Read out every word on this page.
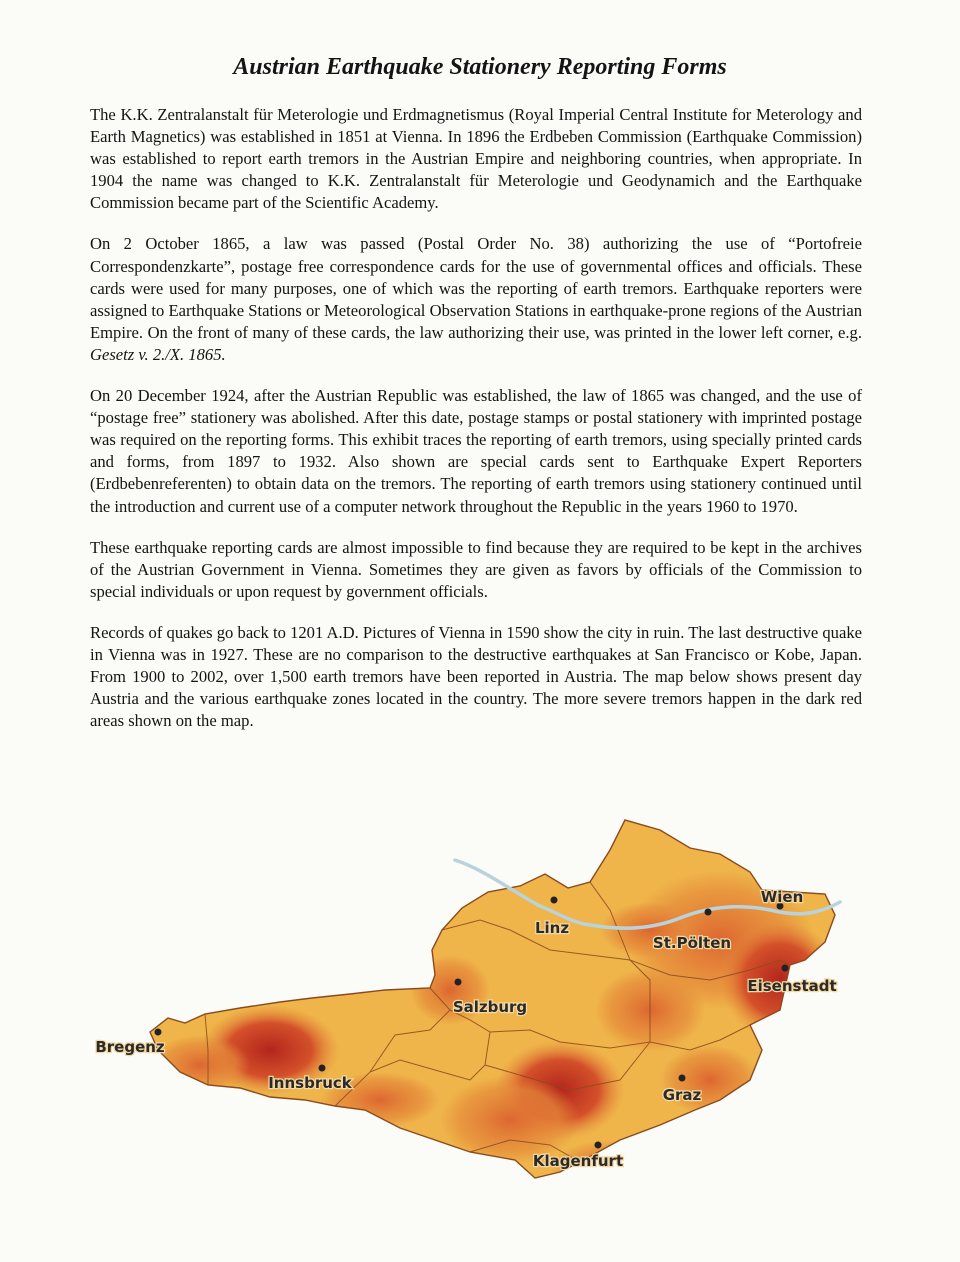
Austrian Earthquake Stationery Reporting Forms

The K.K. Zentralanstalt für Meterologie und Erdmagnetismus (Royal Imperial Central Institute for Meterology and Earth Magnetics) was established in 1851 at Vienna. In 1896 the Erdbeben Commission (Earthquake Commission) was established to report earth tremors in the Austrian Empire and neighboring countries, when appropriate. In 1904 the name was changed to K.K. Zentralanstalt für Meterologie und Geodynamich and the Earthquake Commission became part of the Scientific Academy.

On 2 October 1865, a law was passed (Postal Order No. 38) authorizing the use of “Portofreie Correspondenzkarte”, postage free correspondence cards for the use of governmental offices and officials. These cards were used for many purposes, one of which was the reporting of earth tremors. Earthquake reporters were assigned to Earthquake Stations or Meteorological Observation Stations in earthquake-prone regions of the Austrian Empire. On the front of many of these cards, the law authorizing their use, was printed in the lower left corner, e.g. Gesetz v. 2./X. 1865.

On 20 December 1924, after the Austrian Republic was established, the law of 1865 was changed, and the use of “postage free” stationery was abolished. After this date, postage stamps or postal stationery with imprinted postage was required on the reporting forms. This exhibit traces the reporting of earth tremors, using specially printed cards and forms, from 1897 to 1932. Also shown are special cards sent to Earthquake Expert Reporters (Erdbebenreferenten) to obtain data on the tremors. The reporting of earth tremors using stationery continued until the introduction and current use of a computer network throughout the Republic in the years 1960 to 1970.

These earthquake reporting cards are almost impossible to find because they are required to be kept in the archives of the Austrian Government in Vienna. Sometimes they are given as favors by officials of the Commission to special individuals or upon request by government officials.

Records of quakes go back to 1201 A.D. Pictures of Vienna in 1590 show the city in ruin. The last destructive quake in Vienna was in 1927. These are no comparison to the destructive earthquakes at San Francisco or Kobe, Japan. From 1900 to 2002, over 1,500 earth tremors have been reported in Austria. The map below shows present day Austria and the various earthquake zones located in the country. The more severe tremors happen in the dark red areas shown on the map.

Linz
St.Pölten
Wien
Eisenstadt
Salzburg
Bregenz
Innsbruck
Graz
Klagenfurt
